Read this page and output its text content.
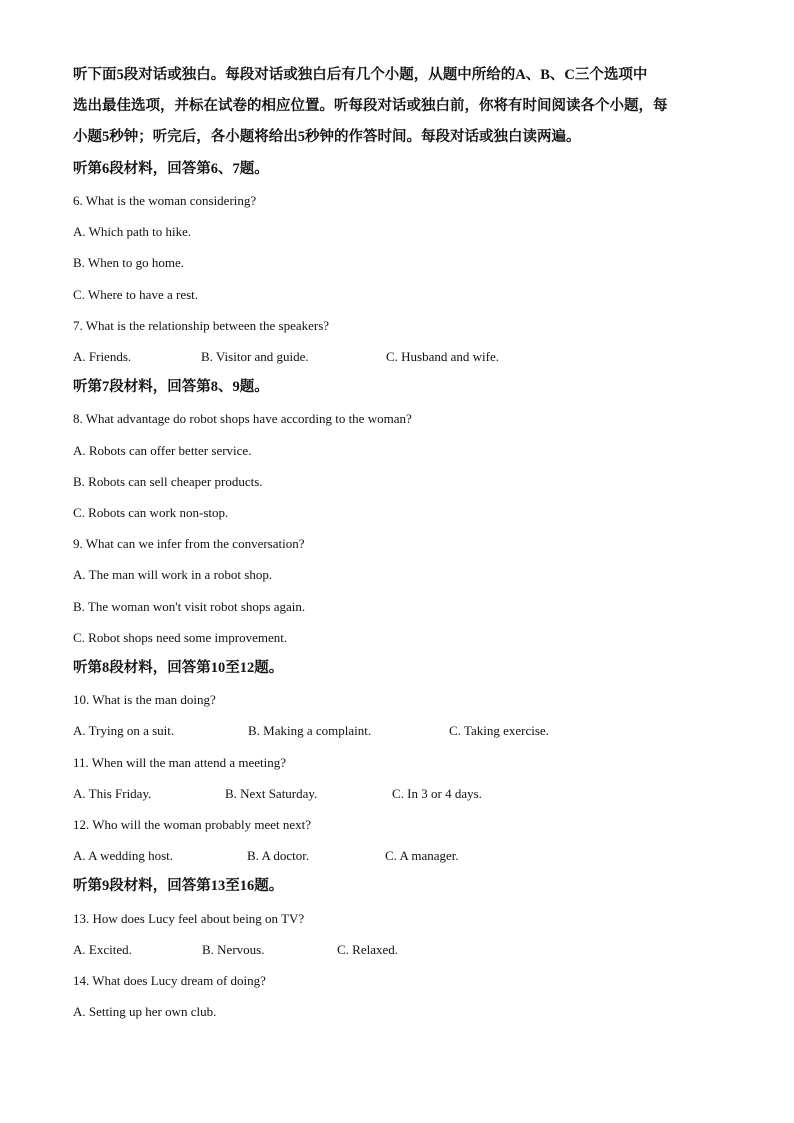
听下面5段对话或独白。每段对话或独白后有几个小题，从题中所给的A、B、C三个选项中
选出最佳选项，并标在试卷的相应位置。听每段对话或独白前，你将有时间阅读各个小题，每
小题5秒钟；听完后，各小题将给出5秒钟的作答时间。每段对话或独白读两遍。
听第6段材料，回答第6、7题。
6. What is the woman considering?
A. Which path to hike.
B. When to go home.
C. Where to have a rest.
7. What is the relationship between the speakers?
A. Friends.	B. Visitor and guide.	C. Husband and wife.
听第7段材料，回答第8、9题。
8. What advantage do robot shops have according to the woman?
A. Robots can offer better service.
B. Robots can sell cheaper products.
C. Robots can work non-stop.
9. What can we infer from the conversation?
A. The man will work in a robot shop.
B. The woman won't visit robot shops again.
C. Robot shops need some improvement.
听第8段材料，回答第10至12题。
10. What is the man doing?
A. Trying on a suit.	B. Making a complaint.	C. Taking exercise.
11. When will the man attend a meeting?
A. This Friday.	B. Next Saturday.	C. In 3 or 4 days.
12. Who will the woman probably meet next?
A. A wedding host.	B. A doctor.	C. A manager.
听第9段材料，回答第13至16题。
13. How does Lucy feel about being on TV?
A. Excited.	B. Nervous.	C. Relaxed.
14. What does Lucy dream of doing?
A. Setting up her own club.
